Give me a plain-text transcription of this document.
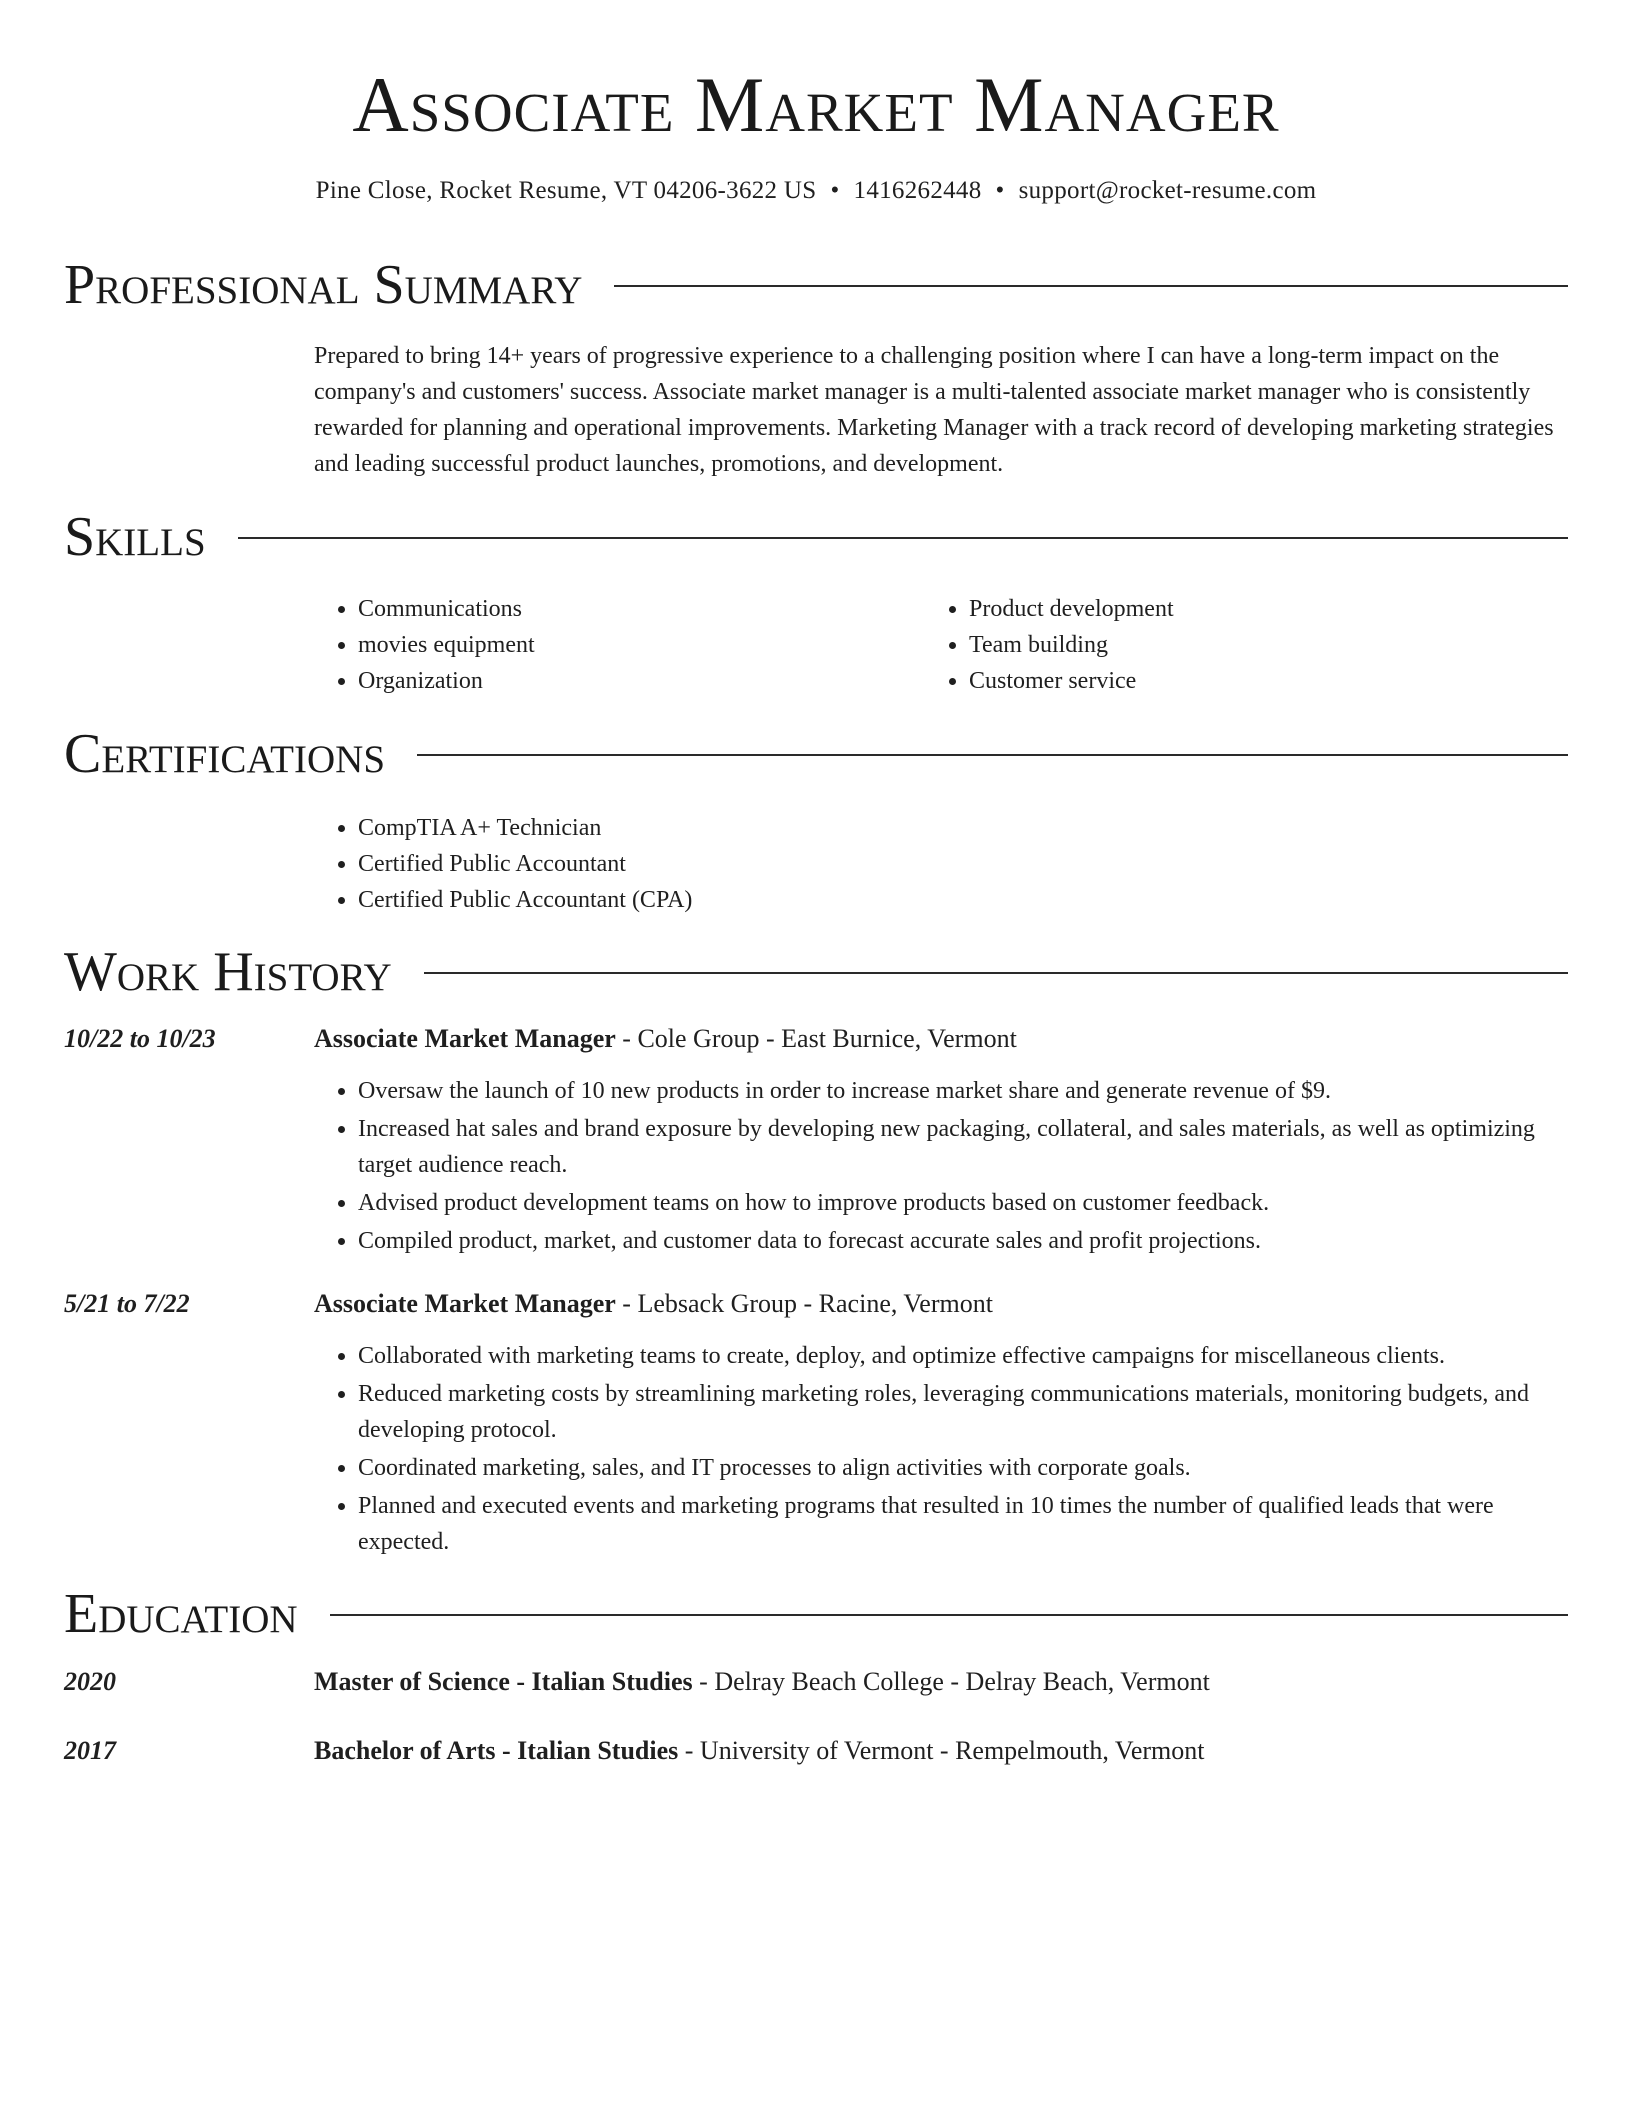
Associate Market Manager
Pine Close, Rocket Resume, VT 04206-3622 US • 1416262448 • support@rocket-resume.com
Professional Summary

Prepared to bring 14+ years of progressive experience to a challenging position where I can have a long-term impact on the company's and customers' success. Associate market manager is a multi-talented associate market manager who is consistently rewarded for planning and operational improvements. Marketing Manager with a track record of developing marketing strategies and leading successful product launches, promotions, and development.

Skills
• Communications
• movies equipment
• Organization
• Product development
• Team building
• Customer service
Certifications
• CompTIA A+ Technician
• Certified Public Accountant
• Certified Public Accountant (CPA)
Work History
10/22 to 10/23	Associate Market Manager - Cole Group - East Burnice, Vermont
• Oversaw the launch of 10 new products in order to increase market share and generate revenue of $9.
• Increased hat sales and brand exposure by developing new packaging, collateral, and sales materials, as well as optimizing target audience reach.
• Advised product development teams on how to improve products based on customer feedback.
• Compiled product, market, and customer data to forecast accurate sales and profit projections.
5/21 to 7/22	Associate Market Manager - Lebsack Group - Racine, Vermont
• Collaborated with marketing teams to create, deploy, and optimize effective campaigns for miscellaneous clients.
• Reduced marketing costs by streamlining marketing roles, leveraging communications materials, monitoring budgets, and developing protocol.
• Coordinated marketing, sales, and IT processes to align activities with corporate goals.
• Planned and executed events and marketing programs that resulted in 10 times the number of qualified leads that were expected.
Education
2020	Master of Science - Italian Studies - Delray Beach College - Delray Beach, Vermont
2017	Bachelor of Arts - Italian Studies - University of Vermont - Rempelmouth, Vermont
